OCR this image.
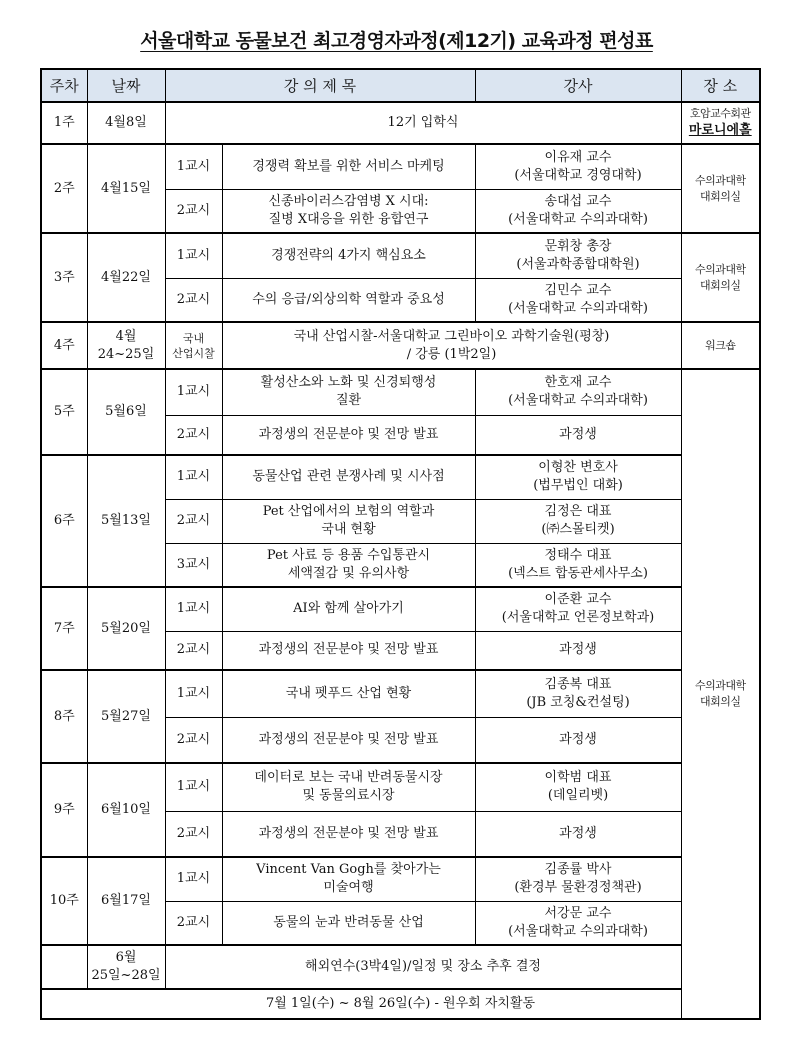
서울대학교 동물보건 최고경영자과정(제12기) 교육과정 편성표
주차	날짜	강 의 제 목		강사	장 소
1주	4월8일	12기 입학식			호암교수회관
마로니에홀

2주	4월15일	1교시	경쟁력 확보를 위한 서비스 마케팅	이유재 교수
(서울대학교 경영대학)	수의과대학
대회의실

		2교시	신종바이러스감염병 X 시대:
질병 X대응을 위한 융합연구	송대섭 교수
(서울대학교 수의과대학)	

3주	4월22일	1교시	경쟁전략의 4가지 핵심요소	문휘창 총장
(서울과학종합대학원)	수의과대학
대회의실

		2교시	수의 응급/외상의학 역할과 중요성	김민수 교수
(서울대학교 수의과대학)	

4주	4월
24~25일	국내
산업시찰	국내 산업시찰-서울대학교 그린바이오 과학기술원(평창)
/ 강릉 (1박2일)		워크숍
5주	5월6일	1교시	활성산소와 노화 및 신경퇴행성
질환	한호재 교수
(서울대학교 수의과대학)	수의과대학
대회의실

		2교시	과정생의 전문분야 및 전망 발표	과정생	
6주	5월13일	1교시	동물산업 관련 분쟁사례 및 시사점	이형찬 변호사
(법무법인 대화)	

		2교시	Pet 산업에서의 보험의 역할과
국내 현황	김정은 대표
(㈜스몰티켓)	

		3교시	Pet 사료 등 용품 수입통관시
세액절감 및 유의사항	정태수 대표
(넥스트 합동관세사무소)	

7주	5월20일	1교시	AI와 함께 살아가기	이준환 교수
(서울대학교 언론정보학과)	

		2교시	과정생의 전문분야 및 전망 발표	과정생	
8주	5월27일	1교시	국내 펫푸드 산업 현황	김종복 대표
(JB 코칭&컨설팅)	

		2교시	과정생의 전문분야 및 전망 발표	과정생	
9주	6월10일	1교시	데이터로 보는 국내 반려동물시장
및 동물의료시장	이학범 대표
(데일리벳)	

		2교시	과정생의 전문분야 및 전망 발표	과정생	
10주	6월17일	1교시	Vincent Van Gogh를 찾아가는
미술여행	김종률 박사
(환경부 물환경정책관)	

		2교시	동물의 눈과 반려동물 산업	서강문 교수
(서울대학교 수의과대학)	

	6월
25일~28일	해외연수(3박4일)/일정 및 장소 추후 결정			
7월 1일(수) ~ 8월 26일(수) - 원우회 자치활동					
